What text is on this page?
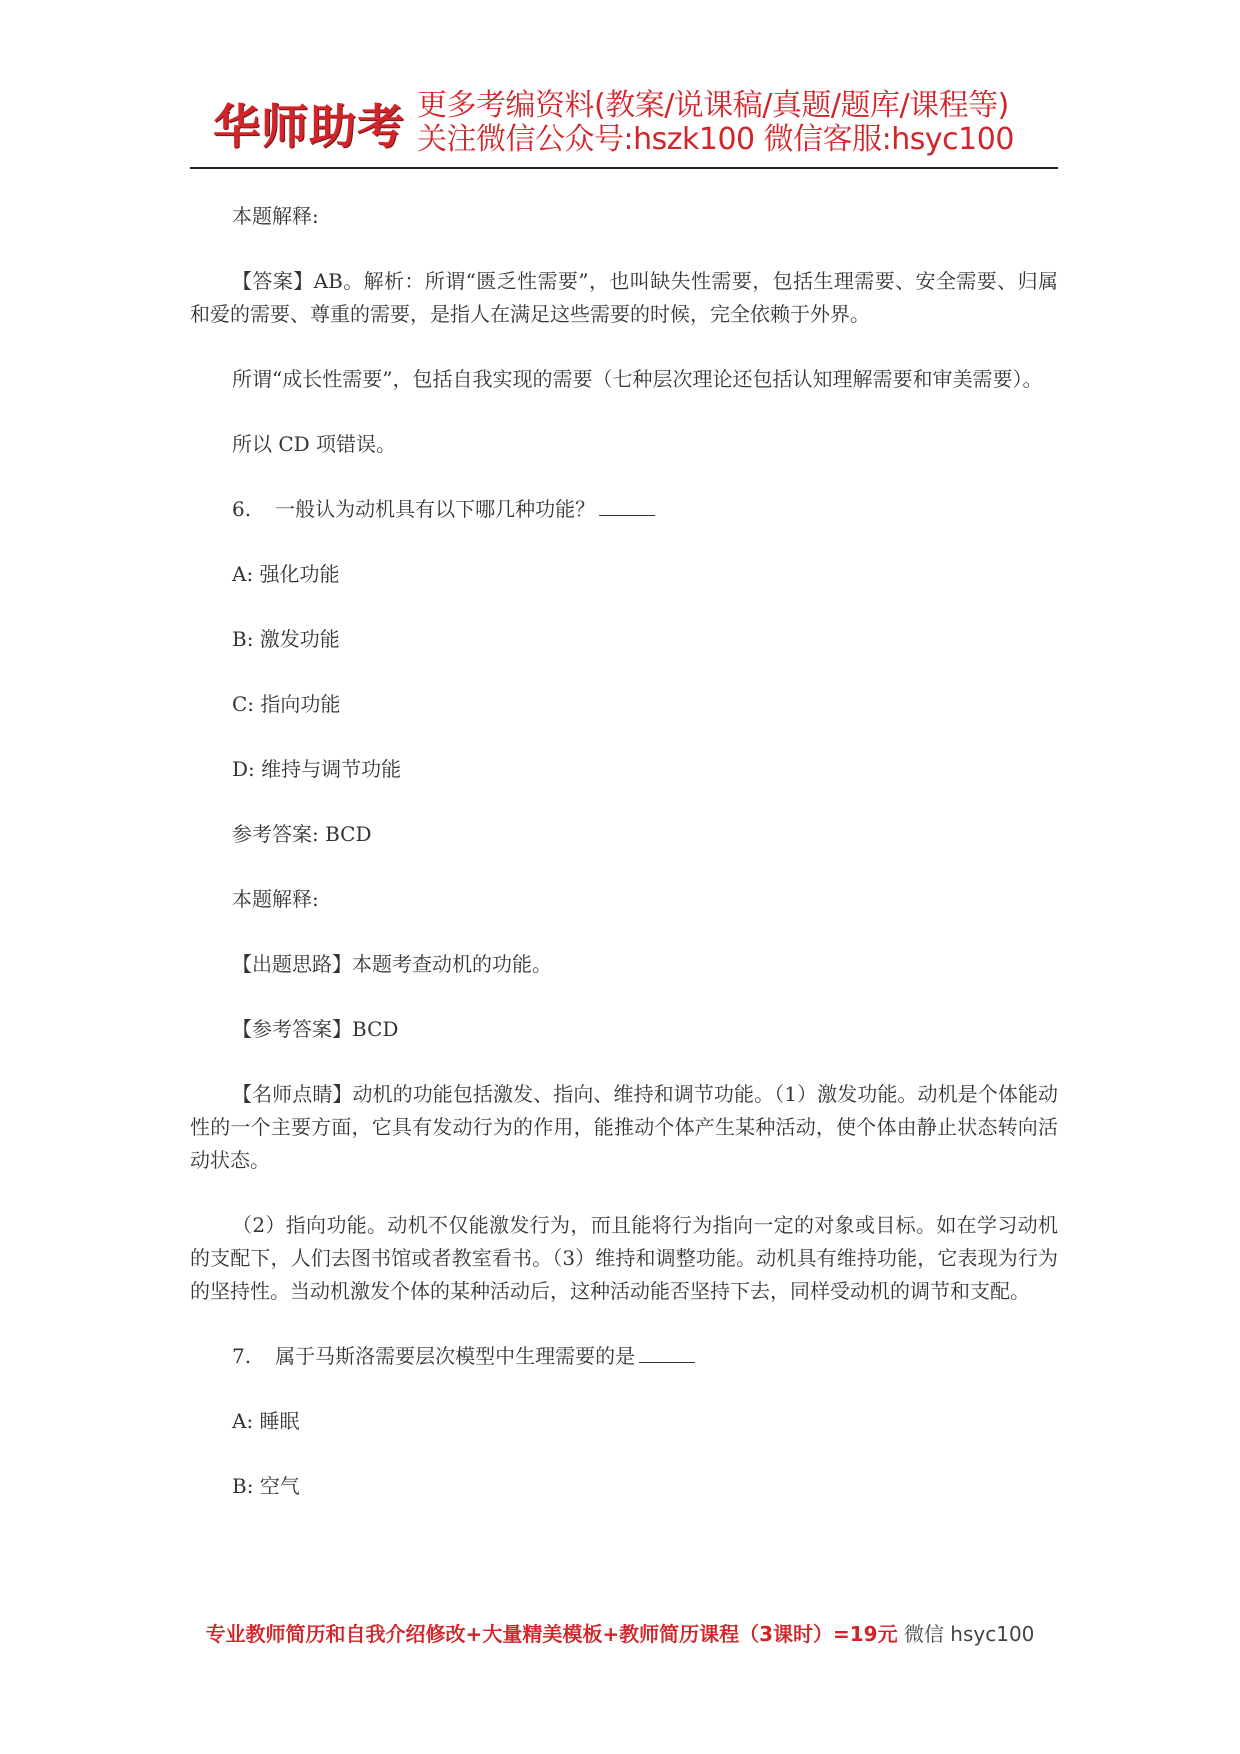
华师助考 更多考编资料(教案/说课稿/真题/题库/课程等)
关注微信公众号:hszk100 微信客服:hsyc100

本题解释:

【答案】AB。解析：所谓“匮乏性需要”，也叫缺失性需要，包括生理需要、安全需要、归属和爱的需要、尊重的需要，是指人在满足这些需要的时候，完全依赖于外界。

所谓“成长性需要”，包括自我实现的需要（七种层次理论还包括认知理解需要和审美需要）。

所以 CD 项错误。

6. 一般认为动机具有以下哪几种功能？

A: 强化功能

B: 激发功能

C: 指向功能

D: 维持与调节功能

参考答案: BCD

本题解释:

【出题思路】本题考查动机的功能。

【参考答案】BCD

【名师点睛】动机的功能包括激发、指向、维持和调节功能。（1）激发功能。动机是个体能动性的一个主要方面，它具有发动行为的作用，能推动个体产生某种活动，使个体由静止状态转向活动状态。

（2）指向功能。动机不仅能激发行为，而且能将行为指向一定的对象或目标。如在学习动机的支配下，人们去图书馆或者教室看书。（3）维持和调整功能。动机具有维持功能，它表现为行为的坚持性。当动机激发个体的某种活动后，这种活动能否坚持下去，同样受动机的调节和支配。

7. 属于马斯洛需要层次模型中生理需要的是

A: 睡眠

B: 空气

专业教师简历和自我介绍修改+大量精美模板+教师简历课程（3课时）=19元 微信 hsyc100
